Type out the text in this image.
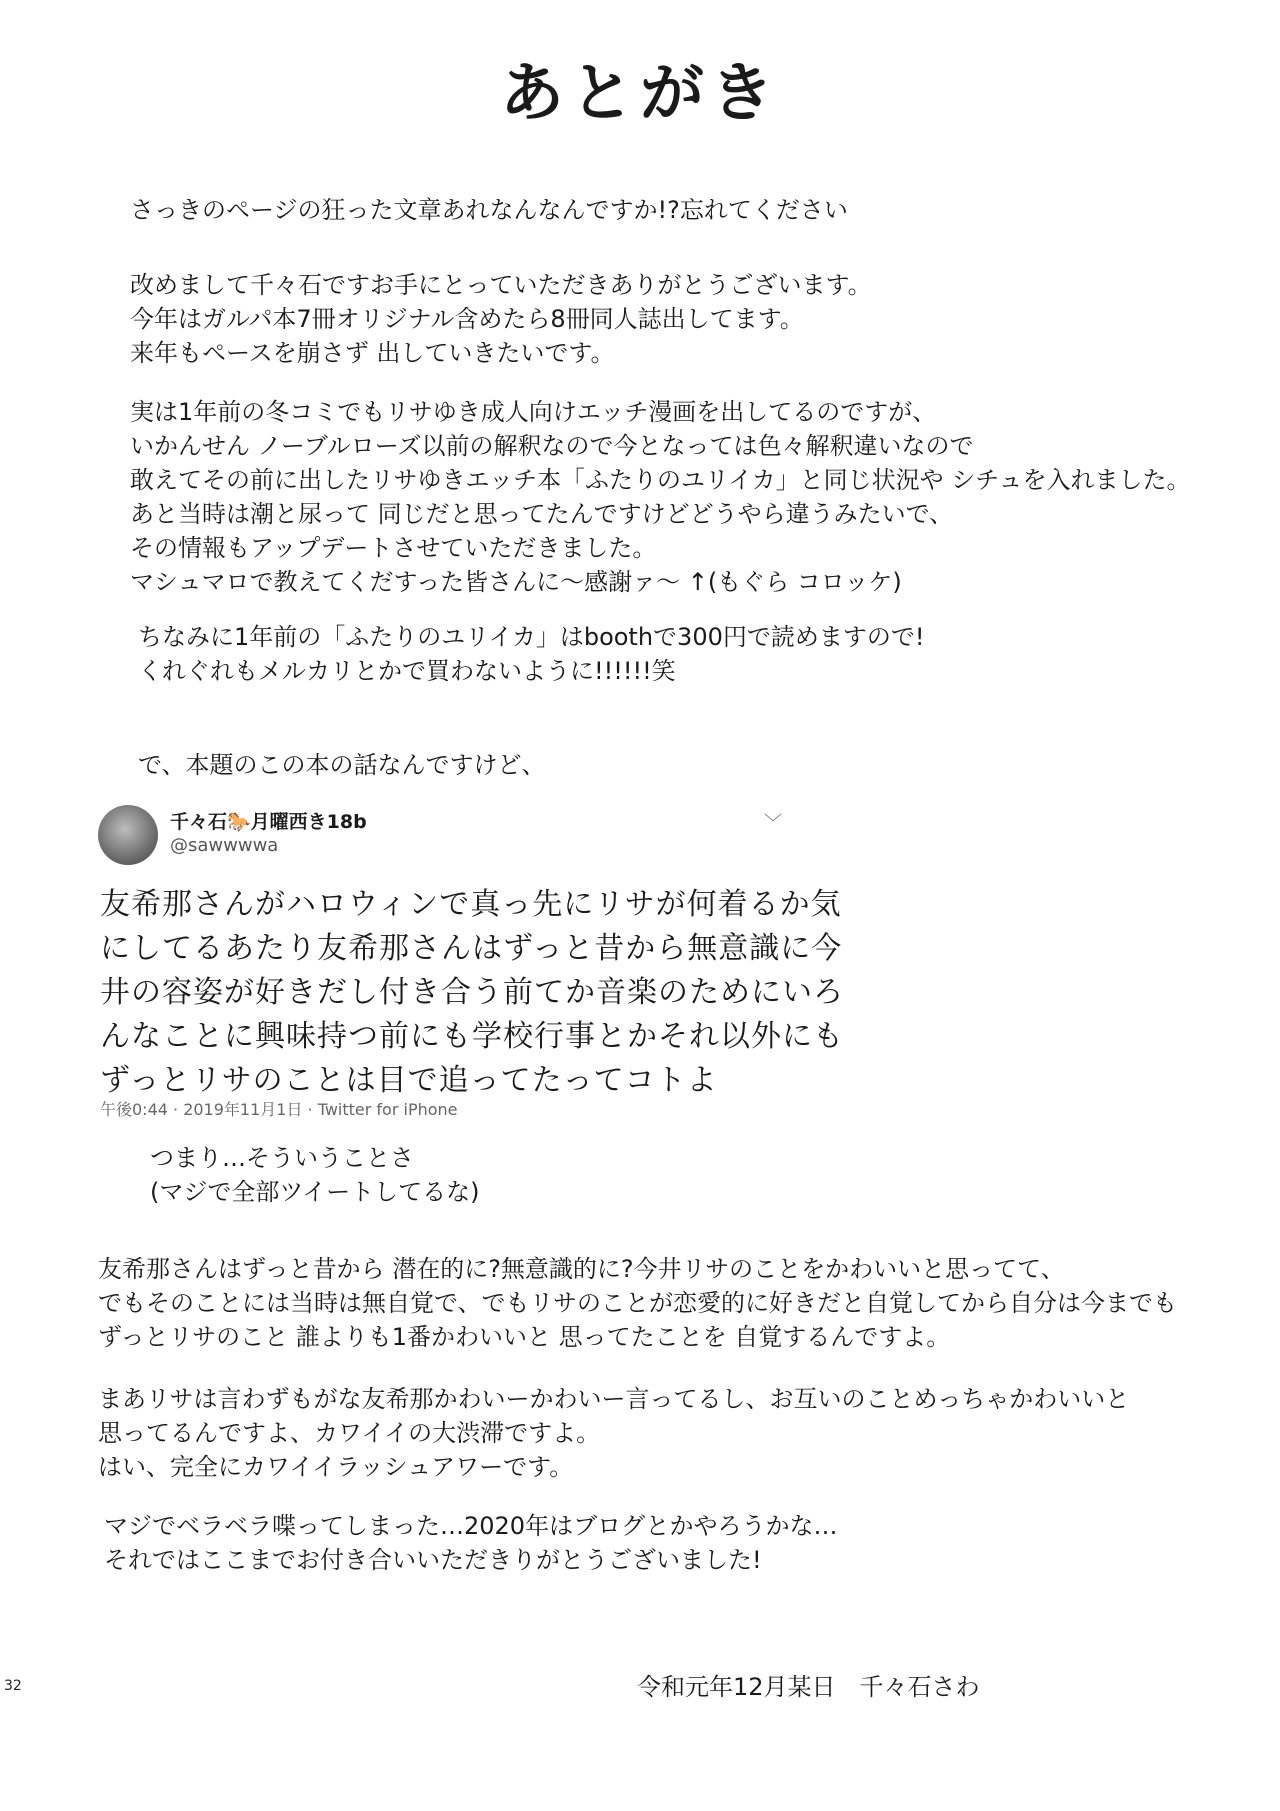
あとがき
さっきのページの狂った文章あれなんなんですか!?忘れてください
改めまして千々石ですお手にとっていただきありがとうございます。
今年はガルパ本7冊オリジナル含めたら8冊同人誌出してます。
来年もペースを崩さず 出していきたいです。
実は1年前の冬コミでもリサゆき成人向けエッチ漫画を出してるのですが、
いかんせん ノーブルローズ以前の解釈なので今となっては色々解釈違いなので
敢えてその前に出したリサゆきエッチ本「ふたりのユリイカ」と同じ状況や シチュを入れました。
あと当時は潮と尿って 同じだと思ってたんですけどどうやら違うみたいで、
その情報もアップデートさせていただきました。
マシュマロで教えてくだすった皆さんに〜感謝ァ〜 ↑(もぐら コロッケ)
ちなみに1年前の「ふたりのユリイカ」はboothで300円で読めますので!
くれぐれもメルカリとかで買わないように!!!!!!笑
で、本題のこの本の話なんですけど、
千々石🐎月曜西き18b
@sawwwwa
﹀
友希那さんがハロウィンで真っ先にリサが何着るか気
にしてるあたり友希那さんはずっと昔から無意識に今
井の容姿が好きだし付き合う前てか音楽のためにいろ
んなことに興味持つ前にも学校行事とかそれ以外にも
ずっとリサのことは目で追ってたってコトよ
午後0:44 · 2019年11月1日 · Twitter for iPhone
つまり…そういうことさ
(マジで全部ツイートしてるな)
友希那さんはずっと昔から 潜在的に?無意識的に?今井リサのことをかわいいと思ってて、
でもそのことには当時は無自覚で、でもリサのことが恋愛的に好きだと自覚してから自分は今までも
ずっとリサのこと 誰よりも1番かわいいと 思ってたことを 自覚するんですよ。
まあリサは言わずもがな友希那かわいーかわいー言ってるし、お互いのことめっちゃかわいいと
思ってるんですよ、カワイイの大渋滞ですよ。
はい、完全にカワイイラッシュアワーです。
マジでベラベラ喋ってしまった…2020年はブログとかやろうかな…
それではここまでお付き合いいただきりがとうございました!
32	令和元年12月某日　千々石さわ
